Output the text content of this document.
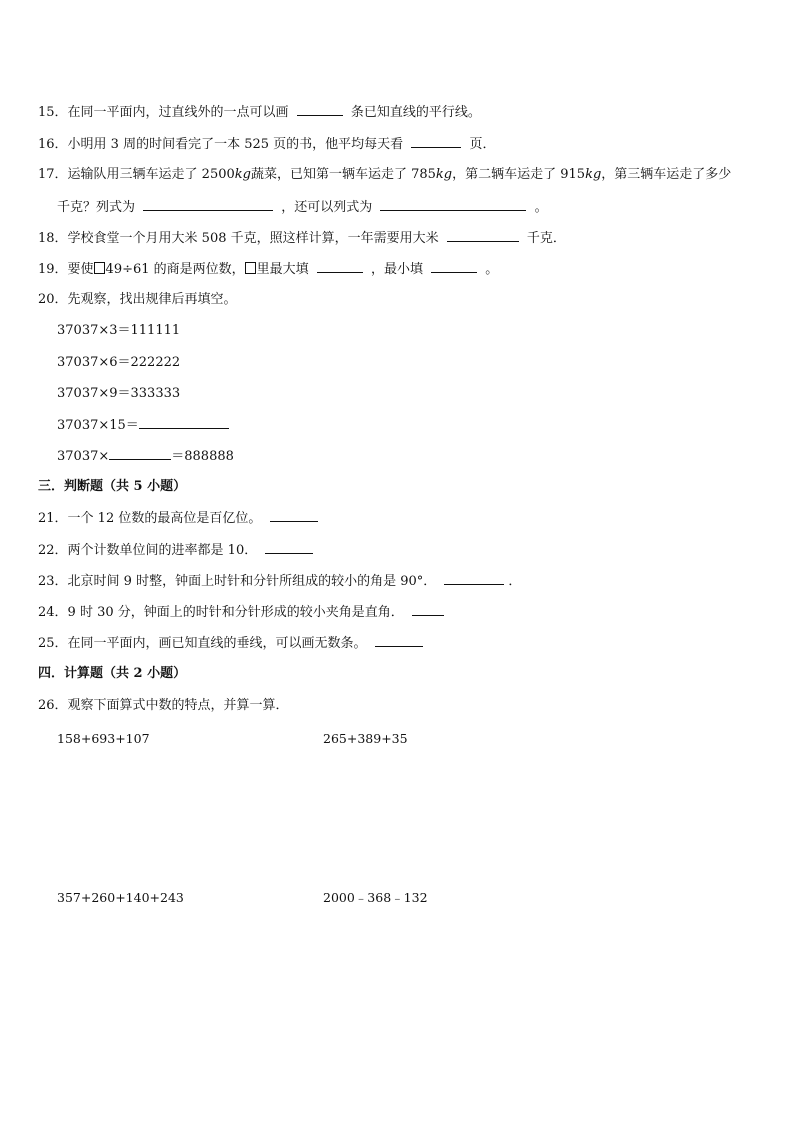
15．在同一平面内，过直线外的一点可以画	条已知直线的平行线。
16．小明用 3 周的时间看完了一本 525 页的书，他平均每天看	页．
17．运输队用三辆车运走了 2500kg蔬菜，已知第一辆车运走了 785kg，第二辆车运走了 915kg，第三辆车运走了多少
千克？列式为	，还可以列式为	。
18．学校食堂一个月用大米 508 千克，照这样计算，一年需要用大米	千克．
19．要使 49÷61 的商是两位数， 里最大填	，最小填	。
20．先观察，找出规律后再填空。
37037×3＝111111
37037×6＝222222
37037×9＝333333
37037×15＝
37037×	＝888888
三．判断题（共 5 小题）
21．一个 12 位数的最高位是百亿位。
22．两个计数单位间的进率都是 10．
23．北京时间 9 时整，钟面上时针和分针所组成的较小的角是 90°．	．
24．9 时 30 分，钟面上的时针和分针形成的较小夹角是直角．
25．在同一平面内，画已知直线的垂线，可以画无数条。
四．计算题（共 2 小题）
26．观察下面算式中数的特点，并算一算．
158+693+107	265+389+35
357+260+140+243	2000﹣368﹣132
